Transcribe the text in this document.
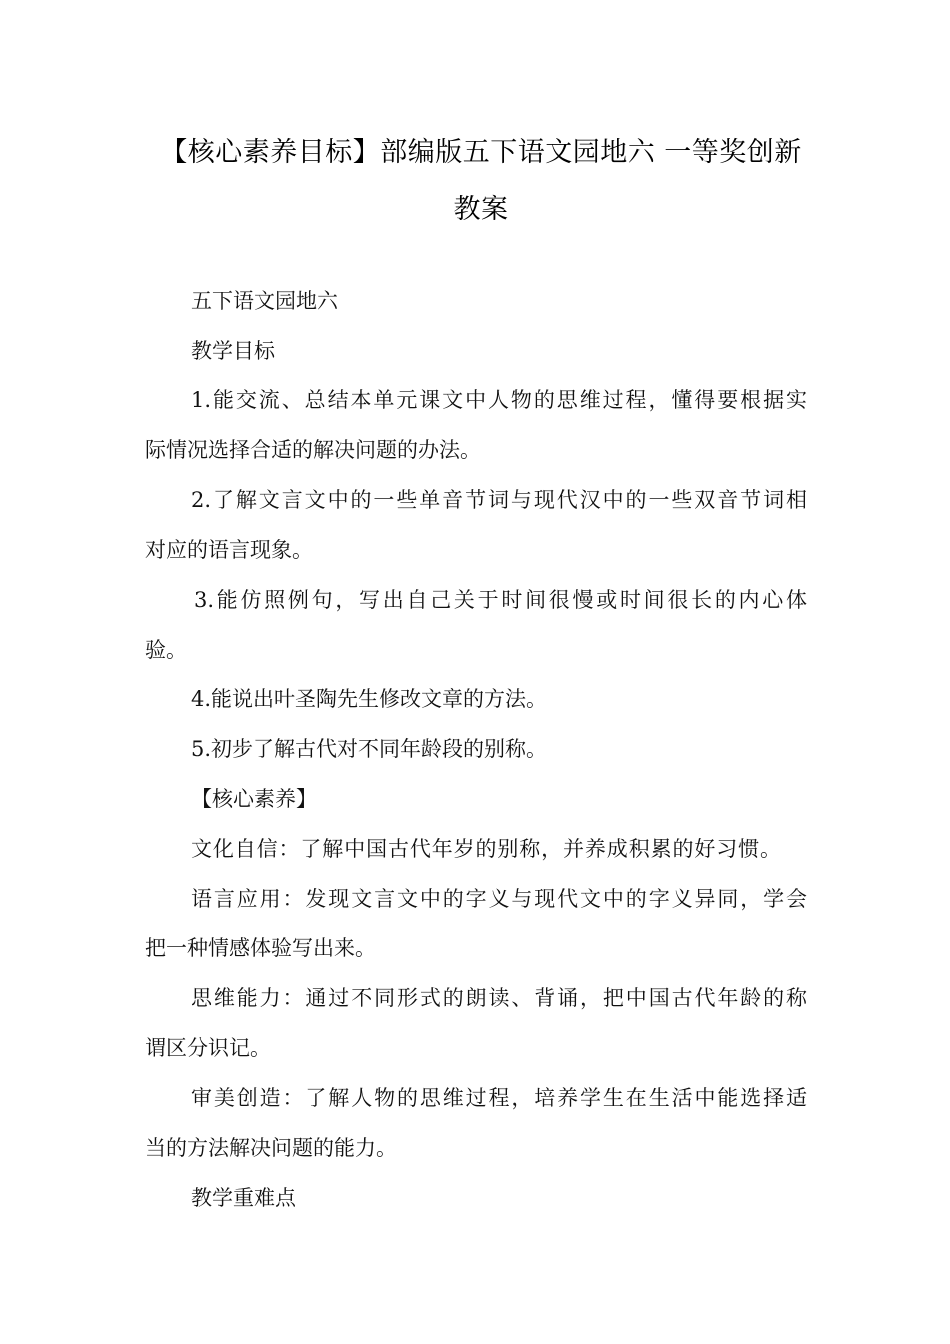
【核心素养目标】部编版五下语文园地六 一等奖创新
教案
五下语文园地六
教学目标
1.能交流、总结本单元课文中人物的思维过程，懂得要根据实
际情况选择合适的解决问题的办法。
2.了解文言文中的一些单音节词与现代汉中的一些双音节词相
对应的语言现象。
3.能仿照例句，写出自己关于时间很慢或时间很长的内心体
验。
4.能说出叶圣陶先生修改文章的方法。
5.初步了解古代对不同年龄段的别称。
【核心素养】
文化自信：了解中国古代年岁的别称，并养成积累的好习惯。
语言应用：发现文言文中的字义与现代文中的字义异同，学会
把一种情感体验写出来。
思维能力：通过不同形式的朗读、背诵，把中国古代年龄的称
谓区分识记。
审美创造：了解人物的思维过程，培养学生在生活中能选择适
当的方法解决问题的能力。
教学重难点
